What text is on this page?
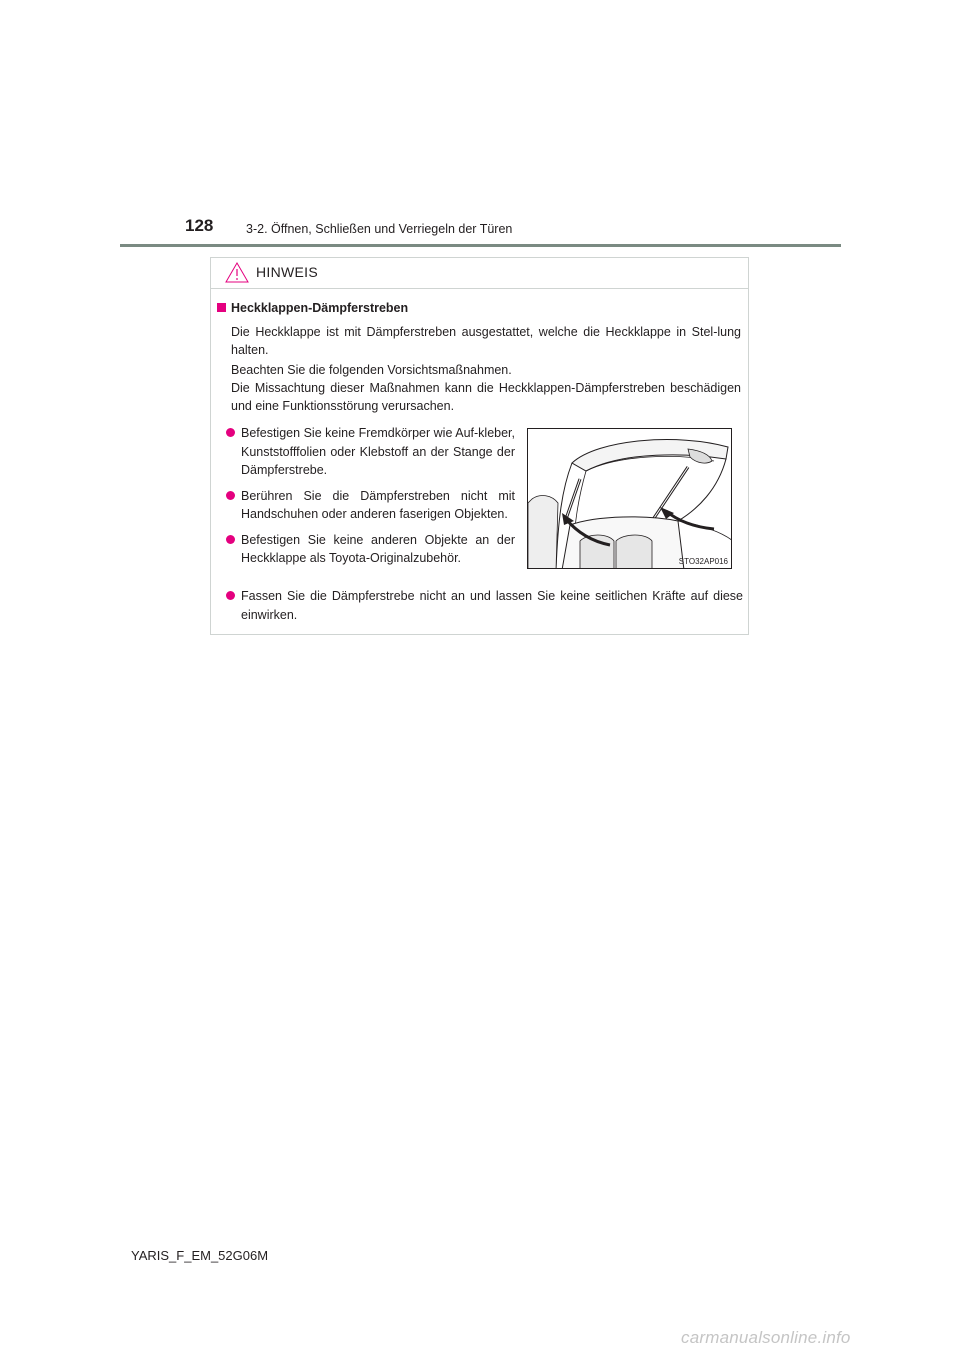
128	3-2. Öffnen, Schließen und Verriegeln der Türen
HINWEIS
Heckklappen-Dämpferstreben
Die Heckklappe ist mit Dämpferstreben ausgestattet, welche die Heckklappe in Stel-lung halten.
Beachten Sie die folgenden Vorsichtsmaßnahmen.
Die Missachtung dieser Maßnahmen kann die Heckklappen-Dämpferstreben beschädigen und eine Funktionsstörung verursachen.
Befestigen Sie keine Fremdkörper wie Auf-kleber, Kunststofffolien oder Klebstoff an der Stange der Dämpferstrebe.
Berühren Sie die Dämpferstreben nicht mit Handschuhen oder anderen faserigen Objekten.
Befestigen Sie keine anderen Objekte an der Heckklappe als Toyota-Originalzubehör.	STO32AP016
Fassen Sie die Dämpferstrebe nicht an und lassen Sie keine seitlichen Kräfte auf diese einwirken.
YARIS_F_EM_52G06M
carmanualsonline.info
